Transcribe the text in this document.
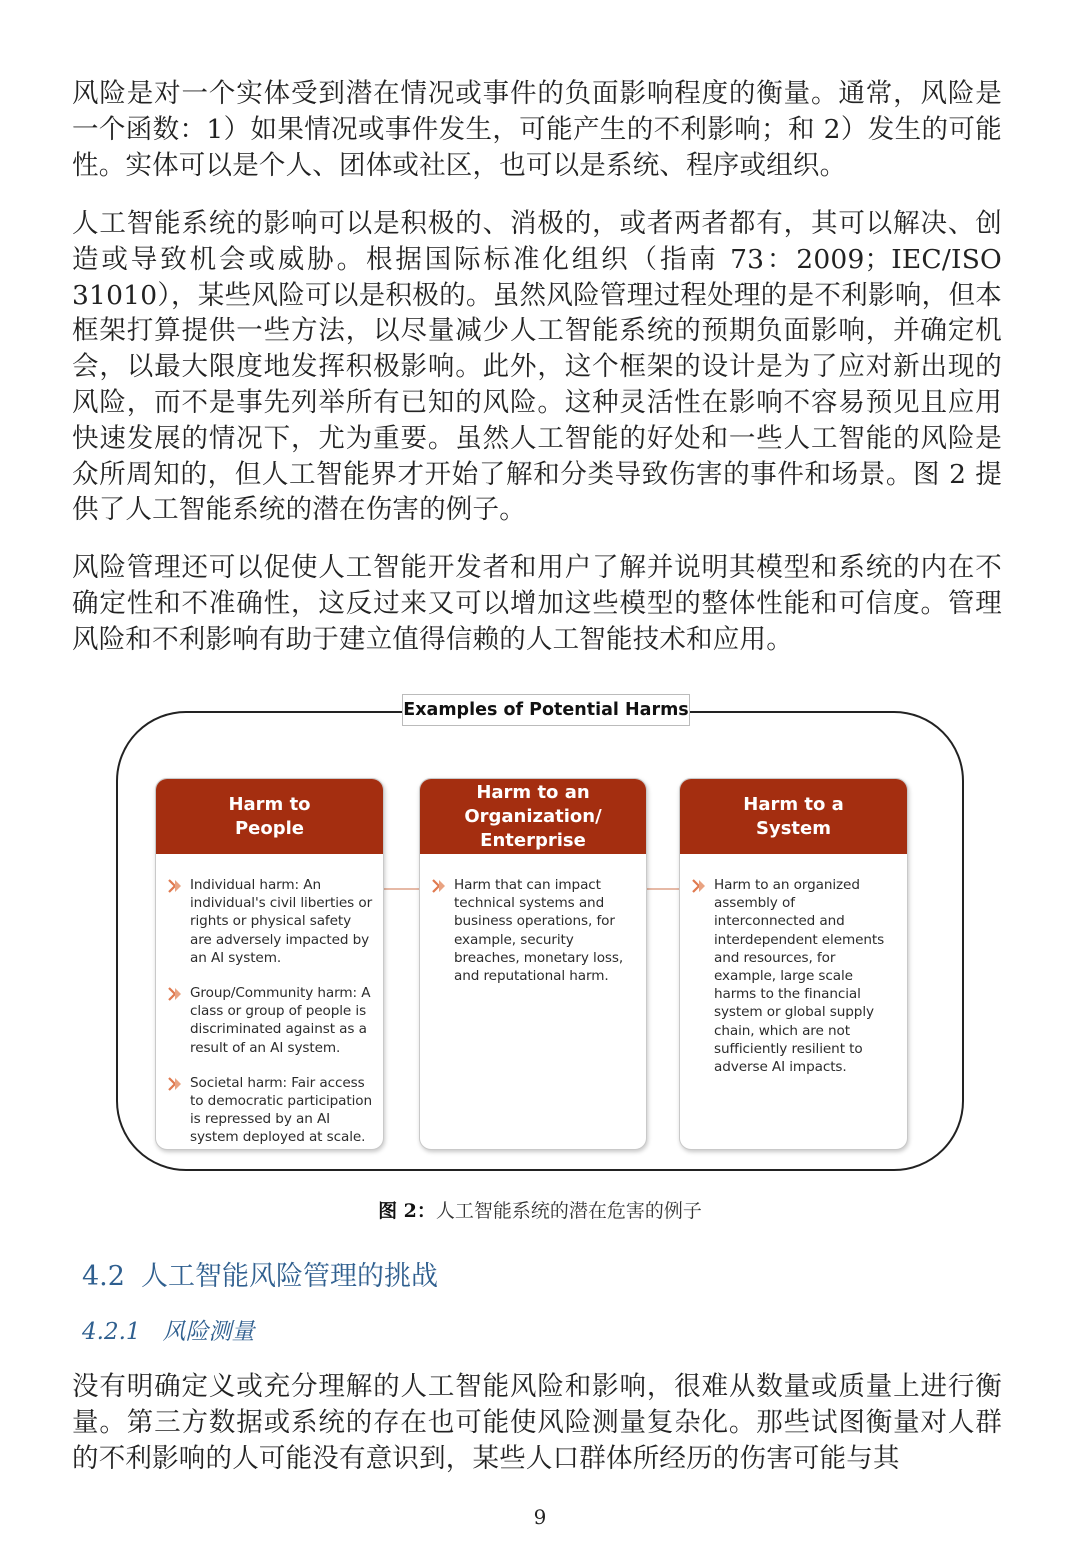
风险是对一个实体受到潜在情况或事件的负面影响程度的衡量。通常，风险是一个函数：1）如果情况或事件发生，可能产生的不利影响；和 2）发生的可能性。实体可以是个人、团体或社区，也可以是系统、程序或组织。

人工智能系统的影响可以是积极的、消极的，或者两者都有，其可以解决、创造或导致机会或威胁。根据国际标准化组织（指南 73：2009；IEC/ISO 31010），某些风险可以是积极的。虽然风险管理过程处理的是不利影响，但本框架打算提供一些方法，以尽量减少人工智能系统的预期负面影响，并确定机会，以最大限度地发挥积极影响。此外，这个框架的设计是为了应对新出现的风险，而不是事先列举所有已知的风险。这种灵活性在影响不容易预见且应用快速发展的情况下，尤为重要。虽然人工智能的好处和一些人工智能的风险是众所周知的，但人工智能界才开始了解和分类导致伤害的事件和场景。图 2 提供了人工智能系统的潜在伤害的例子。

风险管理还可以促使人工智能开发者和用户了解并说明其模型和系统的内在不确定性和不准确性，这反过来又可以增加这些模型的整体性能和可信度。管理风险和不利影响有助于建立值得信赖的人工智能技术和应用。

Examples of Potential Harms
Harm to
People
Individual harm: An individual's civil liberties or rights or physical safety are adversely impacted by an AI system.
Group/Community harm: A class or group of people is discriminated against as a result of an AI system.
Societal harm: Fair access to democratic participation is repressed by an AI system deployed at scale.
Harm to an
Organization/
Enterprise
Harm that can impact technical systems and business operations, for example, security breaches, monetary loss, and reputational harm.
Harm to a
System
Harm to an organized assembly of interconnected and interdependent elements and resources, for example, large scale harms to the financial system or global supply chain, which are not sufficiently resilient to adverse AI impacts.
图 2：人工智能系统的潜在危害的例子
4.2 人工智能风险管理的挑战
4.2.1 风险测量

没有明确定义或充分理解的人工智能风险和影响，很难从数量或质量上进行衡量。第三方数据或系统的存在也可能使风险测量复杂化。那些试图衡量对人群的不利影响的人可能没有意识到，某些人口群体所经历的伤害可能与其

9
